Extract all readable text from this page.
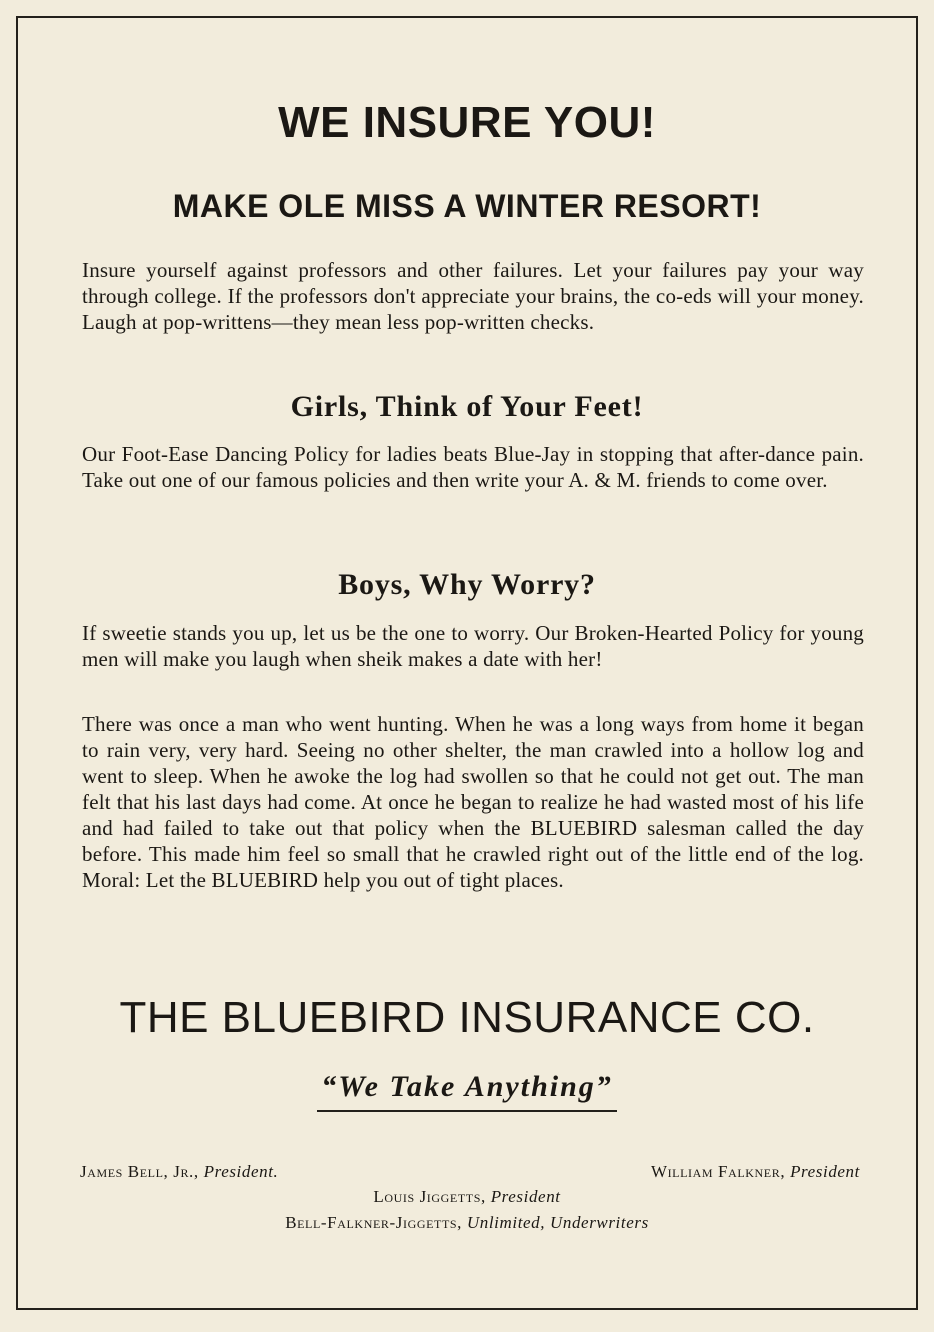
WE INSURE YOU!
MAKE OLE MISS A WINTER RESORT!

Insure yourself against professors and other failures. Let your failures pay your way through college. If the professors don't appreciate your brains, the co-eds will your money. Laugh at pop-writtens—they mean less pop-written checks.

Girls, Think of Your Feet!

Our Foot-Ease Dancing Policy for ladies beats Blue-Jay in stopping that after-dance pain. Take out one of our famous policies and then write your A. & M. friends to come over.

Boys, Why Worry?

If sweetie stands you up, let us be the one to worry. Our Broken-Hearted Policy for young men will make you laugh when sheik makes a date with her!

There was once a man who went hunting. When he was a long ways from home it began to rain very, very hard. Seeing no other shelter, the man crawled into a hollow log and went to sleep. When he awoke the log had swollen so that he could not get out. The man felt that his last days had come. At once he began to realize he had wasted most of his life and had failed to take out that policy when the BLUEBIRD salesman called the day before. This made him feel so small that he crawled right out of the little end of the log. Moral: Let the BLUEBIRD help you out of tight places.

THE BLUEBIRD INSURANCE CO.
“We Take Anything”
James Bell, Jr., President.	William Falkner, President
Louis Jiggetts, President
Bell-Falkner-Jiggetts, Unlimited, Underwriters
